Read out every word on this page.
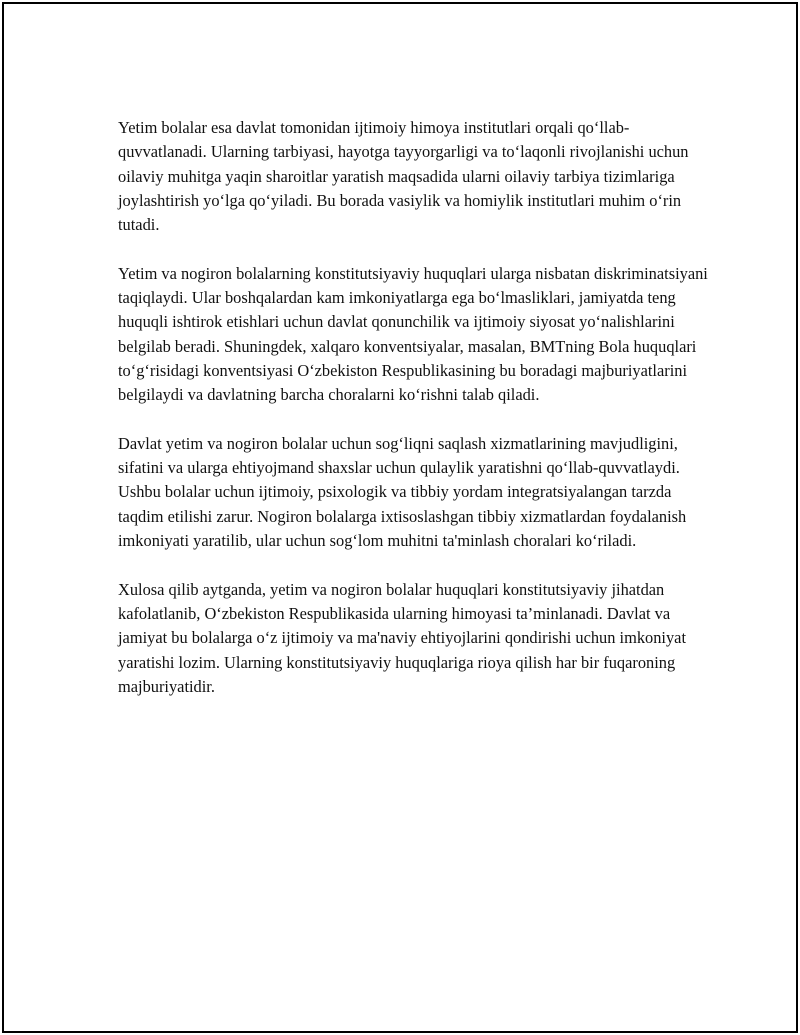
Yetim bolalar esa davlat tomonidan ijtimoiy himoya institutlari orqali qo‘llab-quvvatlanadi. Ularning tarbiyasi, hayotga tayyorgarligi va to‘laqonli rivojlanishi uchun oilaviy muhitga yaqin sharoitlar yaratish maqsadida ularni oilaviy tarbiya tizimlariga joylashtirish yo‘lga qo‘yiladi. Bu borada vasiylik va homiylik institutlari muhim o‘rin tutadi.

Yetim va nogiron bolalarning konstitutsiyaviy huquqlari ularga nisbatan diskriminatsiyani taqiqlaydi. Ular boshqalardan kam imkoniyatlarga ega bo‘lmasliklari, jamiyatda teng huquqli ishtirok etishlari uchun davlat qonunchilik va ijtimoiy siyosat yo‘nalishlarini belgilab beradi. Shuningdek, xalqaro konventsiyalar, masalan, BMTning Bola huquqlari to‘g‘risidagi konventsiyasi O‘zbekiston Respublikasining bu boradagi majburiyatlarini belgilaydi va davlatning barcha choralarni ko‘rishni talab qiladi.

Davlat yetim va nogiron bolalar uchun sog‘liqni saqlash xizmatlarining mavjudligini, sifatini va ularga ehtiyojmand shaxslar uchun qulaylik yaratishni qo‘llab-quvvatlaydi. Ushbu bolalar uchun ijtimoiy, psixologik va tibbiy yordam integratsiyalangan tarzda taqdim etilishi zarur. Nogiron bolalarga ixtisoslashgan tibbiy xizmatlardan foydalanish imkoniyati yaratilib, ular uchun sog‘lom muhitni ta'minlash choralari ko‘riladi.

Xulosa qilib aytganda, yetim va nogiron bolalar huquqlari konstitutsiyaviy jihatdan kafolatlanib, O‘zbekiston Respublikasida ularning himoyasi ta’minlanadi. Davlat va jamiyat bu bolalarga o‘z ijtimoiy va ma'naviy ehtiyojlarini qondirishi uchun imkoniyat yaratishi lozim. Ularning konstitutsiyaviy huquqlariga rioya qilish har bir fuqaroning majburiyatidir.
